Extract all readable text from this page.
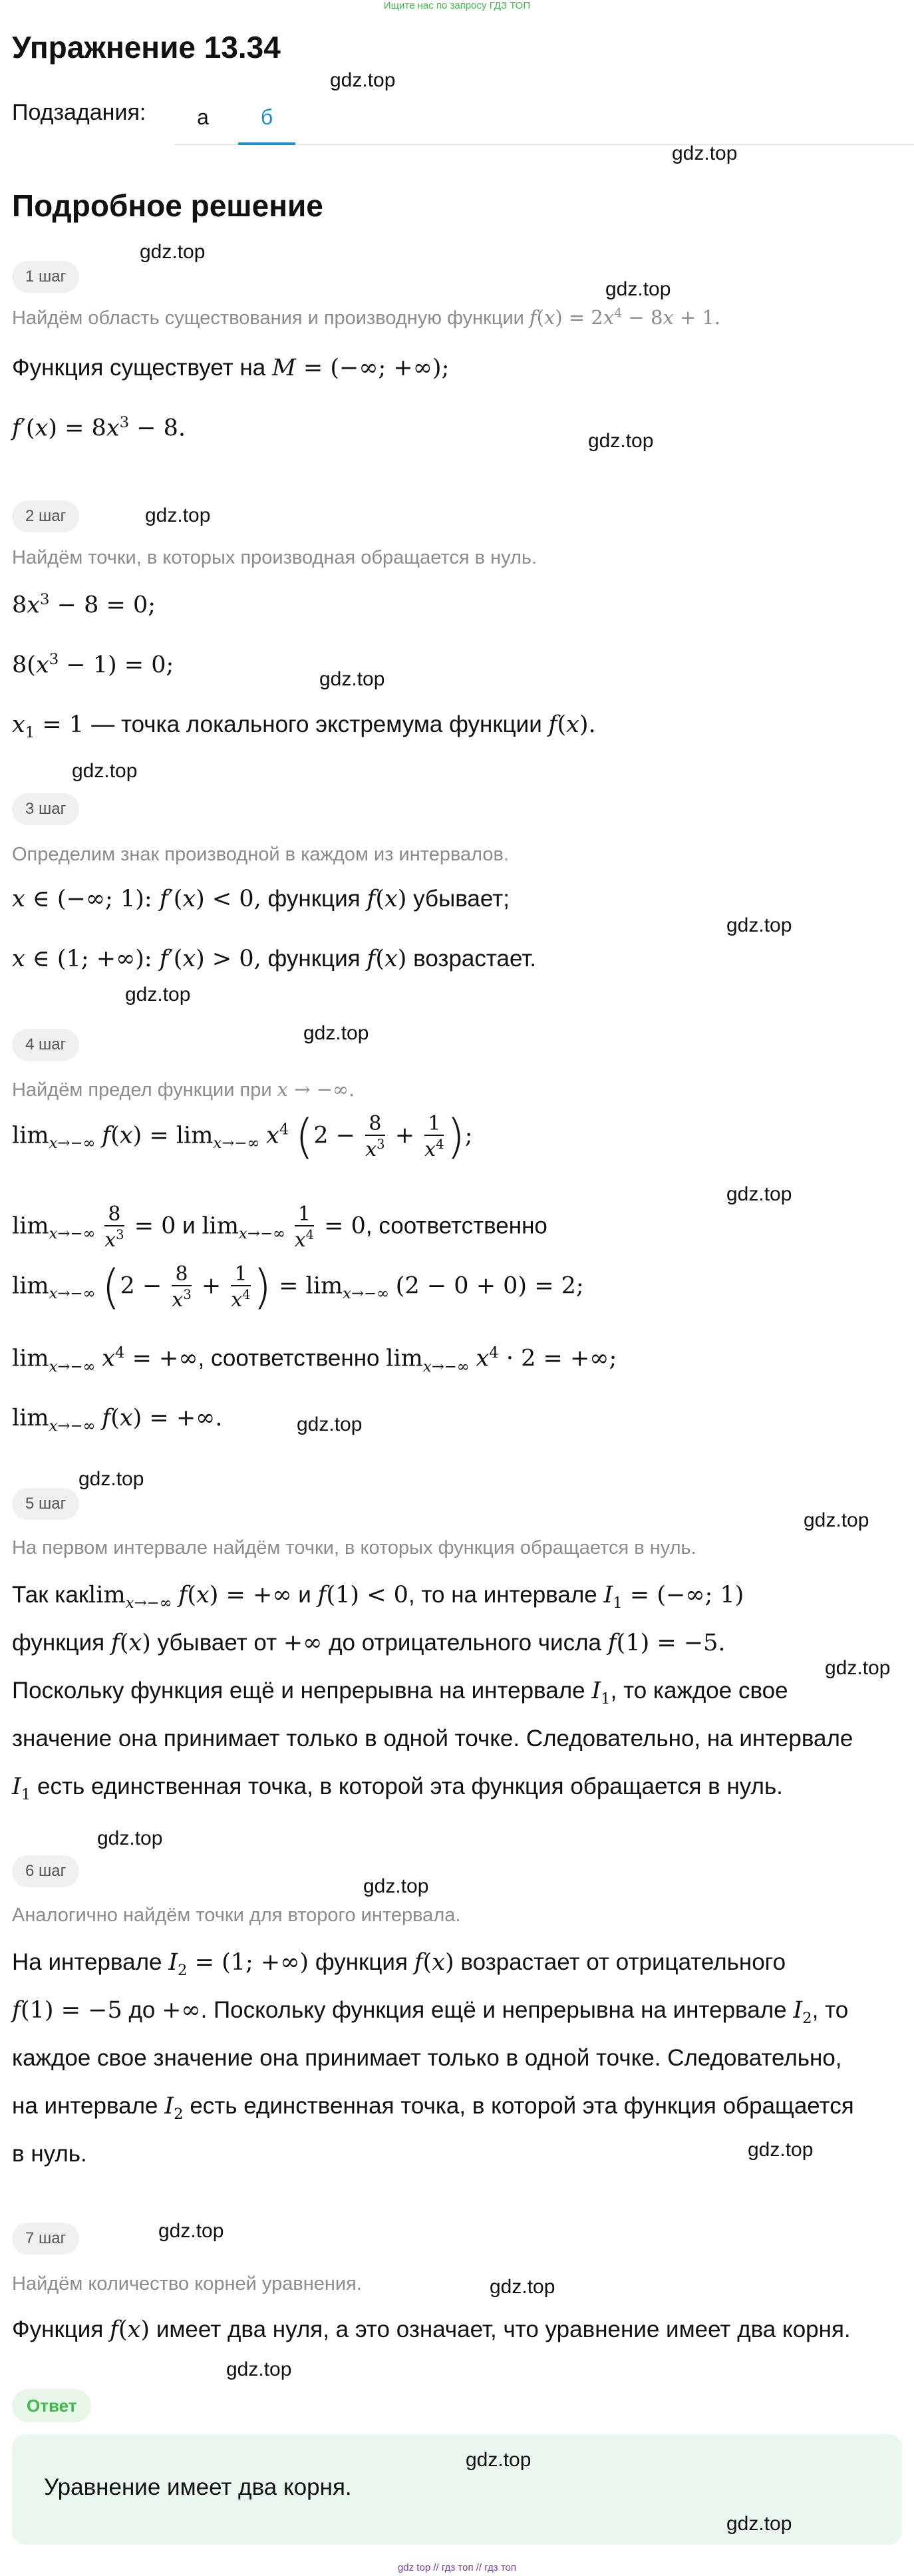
Ищите нас по запросу ГДЗ ТОП
Упражнение 13.34
Подзадания:	а	б
Подробное решение
1 шаг
Найдём область существования и производную функции $f(x) = 2x^4 - 8x + 1$.
Функция существует на M = (−∞; +∞);
$f'(x) = 8x^3 - 8$.
2 шаг
Найдём точки, в которых производная обращается в нуль.
$8x^3 - 8 = 0$;
$8(x^3 - 1) = 0$;
$x_1 = 1$ — точка локального экстремума функции f(x).
3 шаг
Определим знак производной в каждом из интервалов.
x ∈ (−∞; 1): f′(x) < 0, функция f(x) убывает;
x ∈ (1; +∞): f′(x) > 0, функция f(x) возрастает.
4 шаг
Найдём предел функции при x → −∞.
$\lim_{x\to-\infty} f(x) = \lim_{x\to-\infty} x^4$ ($2 - \frac{8}{x^3} + \frac{1}{x^4}$ );
$\lim_{x\to-\infty} \frac{8}{x^3} = 0$ и $\lim_{x\to-\infty} \frac{1}{x^4} = 0$, соответственно
$\lim_{x\to-\infty} (2 - \frac{8}{x^3} + \frac{1}{x^4}$ ) = $\lim_{x\to-\infty} (2 - 0 + 0) = 2$;
$\lim_{x\to-\infty} x^4$ = +∞, соответственно $\lim_{x\to-\infty} x^4 \cdot 2$ = +∞;
$\lim_{x\to-\infty} f(x)$ = +∞.
5 шаг
На первом интервале найдём точки, в которых функция обращается в нуль.
Так какlim$_{x\to-\infty}$ f(x) = +∞ и f(1) < 0, то на интервале $I_1$ = (−∞; 1)
функция f(x) убывает от +∞ до отрицательного числа f(1) = −5.
Поскольку функция ещё и непрерывна на интервале $I_1$, то каждое свое
значение она принимает только в одной точке. Следовательно, на интервале
$I_1$ есть единственная точка, в которой эта функция обращается в нуль.
6 шаг
Аналогично найдём точки для второго интервала.
На интервале $I_2 = (1$; +∞) функция f(x) возрастает от отрицательного
f(1) = −5 до +∞. Поскольку функция ещё и непрерывна на интервале $I_2$, то
каждое свое значение она принимает только в одной точке. Следовательно,
на интервале $I_2$ есть единственная точка, в которой эта функция обращается
в нуль.
7 шаг
Найдём количество корней уравнения.
Функция f(x) имеет два нуля, а это означает, что уравнение имеет два корня.
Ответ
Уравнение имеет два корня.
gdz.top
gdz.top
gdz.top
gdz.top
gdz.top
gdz.top
gdz.top
gdz.top
gdz.top
gdz.top
gdz.top
gdz.top
gdz.top
gdz.top
gdz.top
gdz.top
gdz.top
gdz.top
gdz.top
gdz.top
gdz.top
gdz.top
gdz.top
gdz.top
gdz top // гдз топ // гдз топ
